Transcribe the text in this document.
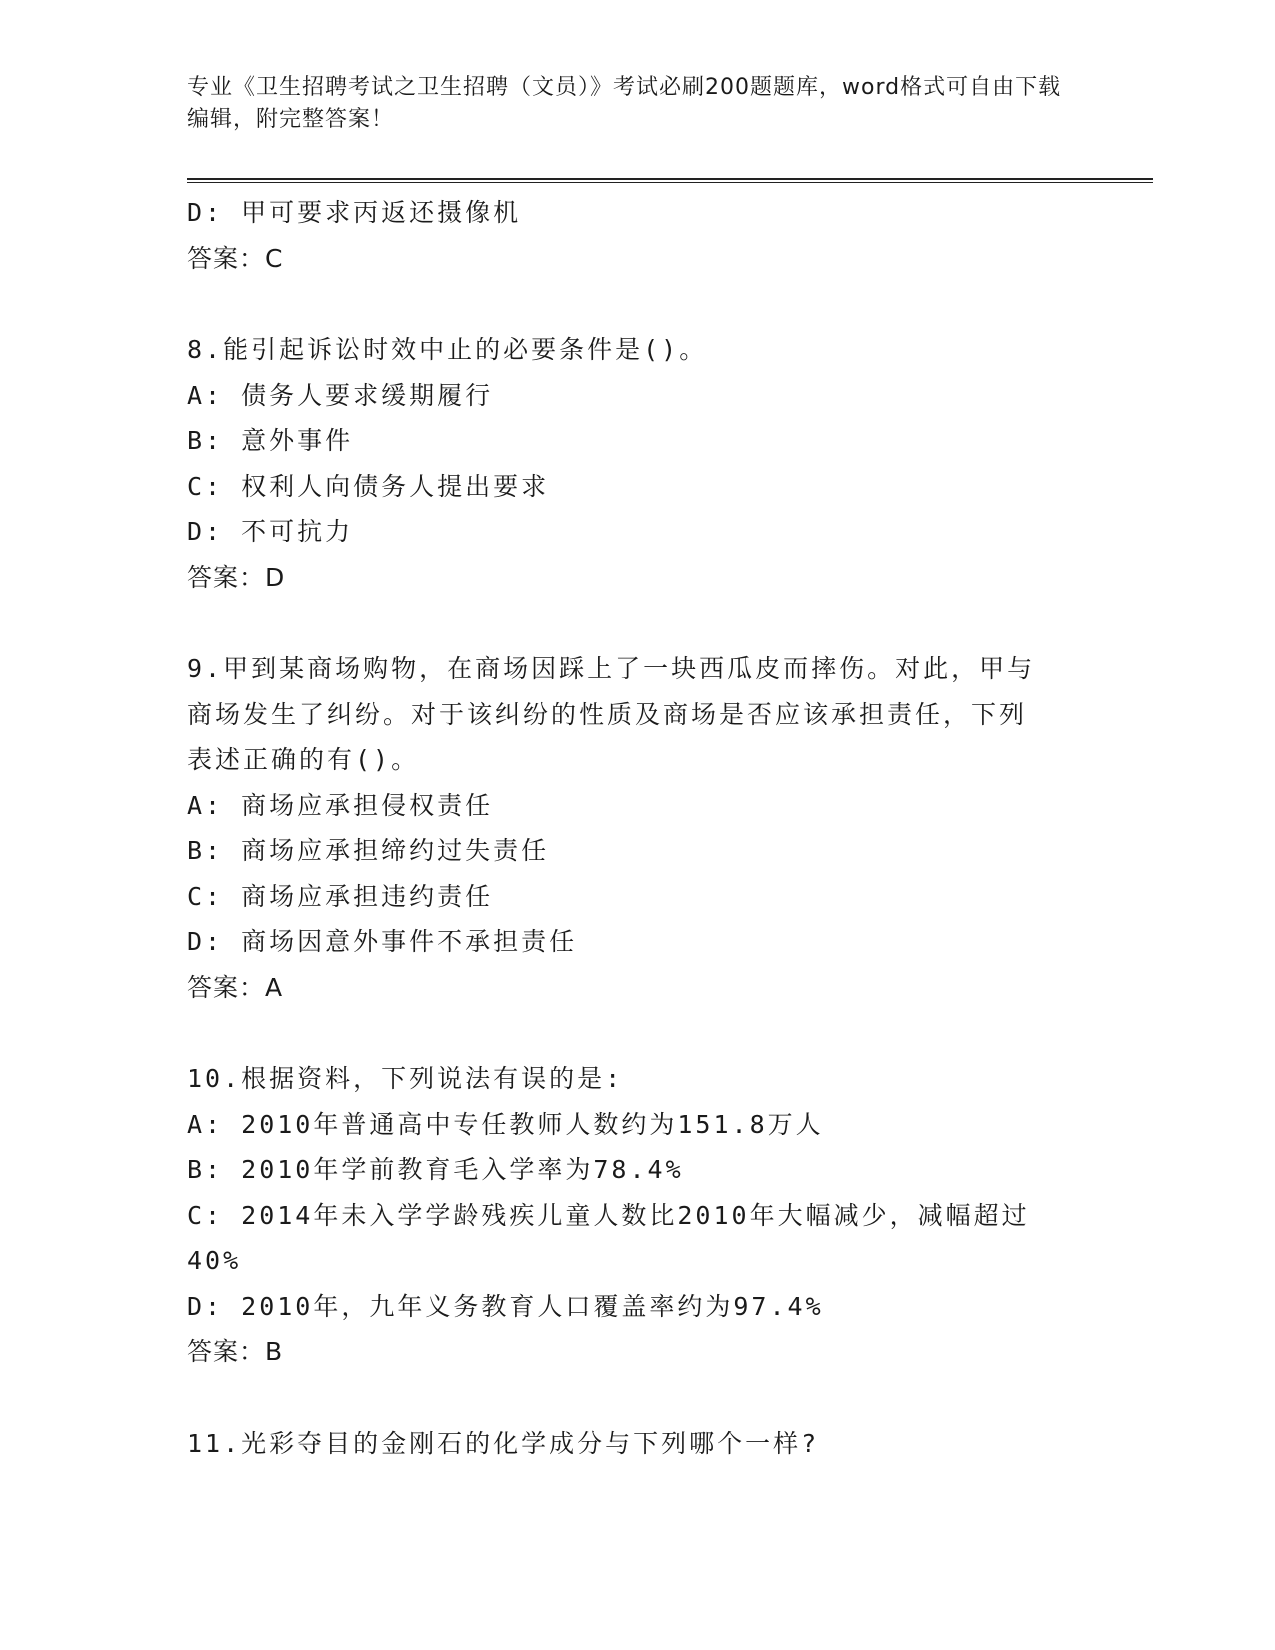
专业《卫生招聘考试之卫生招聘（文员）》考试必刷200题题库，word格式可自由下载编辑，附完整答案！
D: 甲可要求丙返还摄像机
答案：C
8.能引起诉讼时效中止的必要条件是()。
A: 债务人要求缓期履行
B: 意外事件
C: 权利人向债务人提出要求
D: 不可抗力
答案：D
9.甲到某商场购物，在商场因踩上了一块西瓜皮而摔伤。对此，甲与
商场发生了纠纷。对于该纠纷的性质及商场是否应该承担责任，下列
表述正确的有()。
A: 商场应承担侵权责任
B: 商场应承担缔约过失责任
C: 商场应承担违约责任
D: 商场因意外事件不承担责任
答案：A
10.根据资料，下列说法有误的是:
A: 2010年普通高中专任教师人数约为151.8万人
B: 2010年学前教育毛入学率为78.4%
C: 2014年未入学学龄残疾儿童人数比2010年大幅减少，减幅超过
40%
D: 2010年，九年义务教育人口覆盖率约为97.4%
答案：B
11.光彩夺目的金刚石的化学成分与下列哪个一样?
